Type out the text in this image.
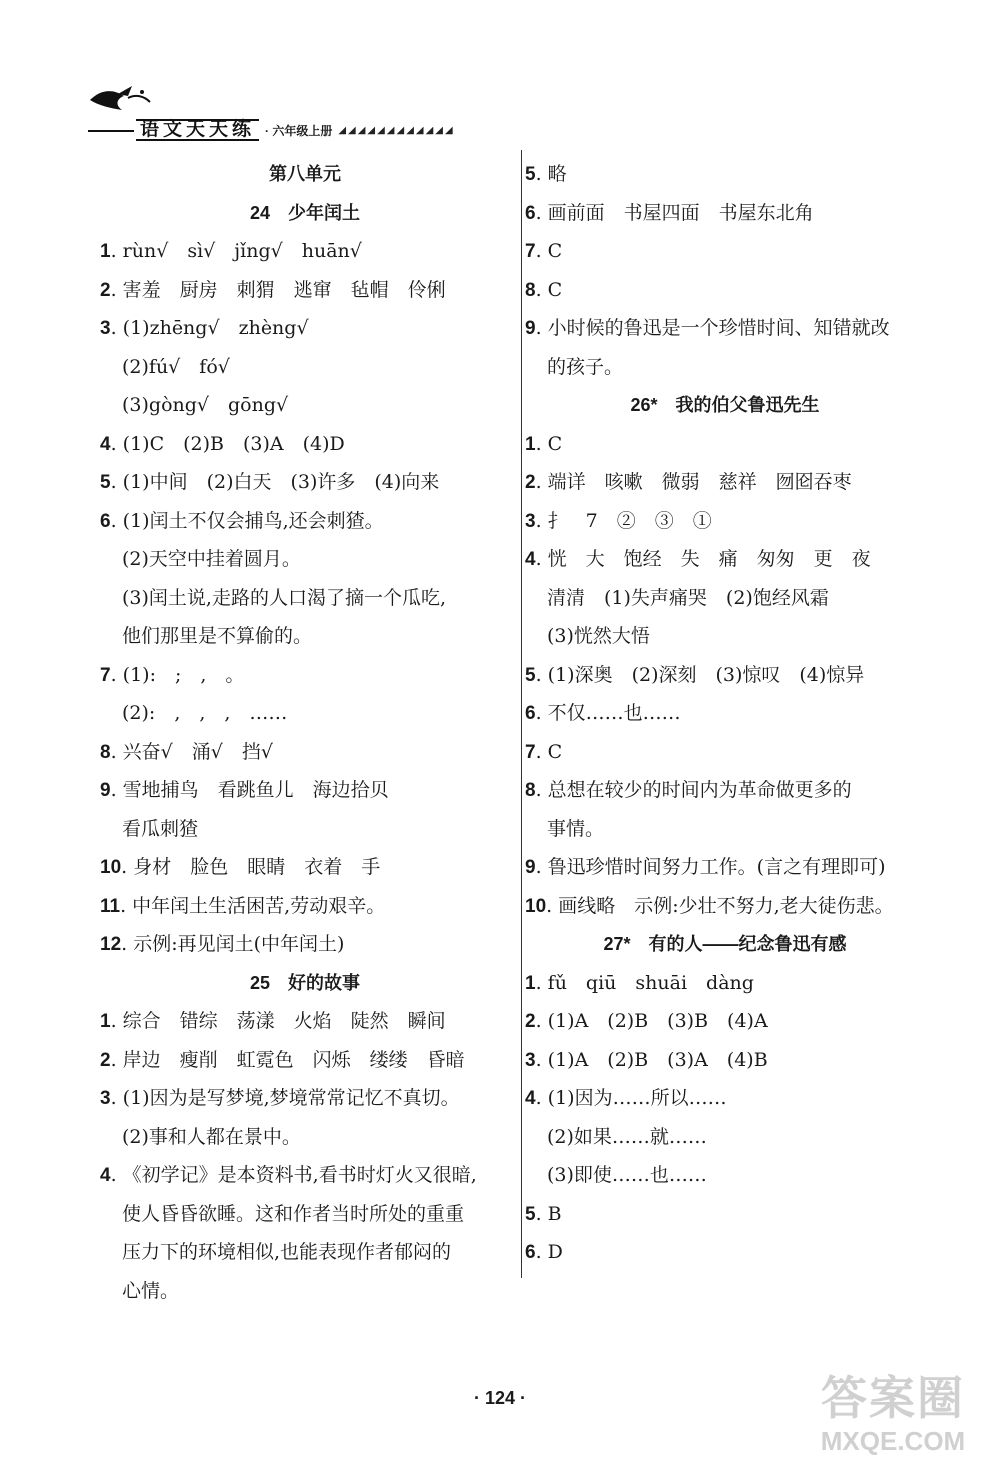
语文天天练 · 六年级上册 ◢◢◢◢◢◢◢◢◢◢◢◢
第八单元
24　少年闰土
1. rùn√　sì√　jǐng√　huān√
2. 害羞　厨房　刺猬　逃窜　毡帽　伶俐
3. (1)zhēng√　zhèng√
(2)fú√　fó√
(3)gòng√　gōng√
4. (1)C　(2)B　(3)A　(4)D
5. (1)中间　(2)白天　(3)许多　(4)向来
6. (1)闰土不仅会捕鸟,还会刺猹。
(2)天空中挂着圆月。
(3)闰土说,走路的人口渴了摘一个瓜吃,
他们那里是不算偷的。
7. (1):　;　,　。
(2):　,　,　,　……
8. 兴奋√　涌√　挡√
9. 雪地捕鸟　看跳鱼儿　海边拾贝
看瓜刺猹
10. 身材　脸色　眼睛　衣着　手
11. 中年闰土生活困苦,劳动艰辛。
12. 示例:再见闰土(中年闰土)
25　好的故事
1. 综合　错综　荡漾　火焰　陡然　瞬间
2. 岸边　瘦削　虹霓色　闪烁　缕缕　昏暗
3. (1)因为是写梦境,梦境常常记忆不真切。
(2)事和人都在景中。
4. 《初学记》是本资料书,看书时灯火又很暗,
使人昏昏欲睡。这和作者当时所处的重重
压力下的环境相似,也能表现作者郁闷的
心情。
5. 略
6. 画前面　书屋四面　书屋东北角
7. C
8. C
9. 小时候的鲁迅是一个珍惜时间、知错就改
的孩子。
26*　我的伯父鲁迅先生
1. C
2. 端详　咳嗽　微弱　慈祥　囫囵吞枣
3. 扌　7　②　③　①
4. 恍　大　饱经　失　痛　匆匆　更　夜
清清　(1)失声痛哭　(2)饱经风霜
(3)恍然大悟
5. (1)深奥　(2)深刻　(3)惊叹　(4)惊异
6. 不仅……也……
7. C
8. 总想在较少的时间内为革命做更多的
事情。
9. 鲁迅珍惜时间努力工作。(言之有理即可)
10. 画线略　示例:少壮不努力,老大徒伤悲。
27*　有的人——纪念鲁迅有感
1. fǔ　qiū　shuāi　dàng
2. (1)A　(2)B　(3)B　(4)A
3. (1)A　(2)B　(3)A　(4)B
4. (1)因为……所以……
(2)如果……就……
(3)即使……也……
5. B
6. D
· 124 ·	答案圈
MXQE.COM
